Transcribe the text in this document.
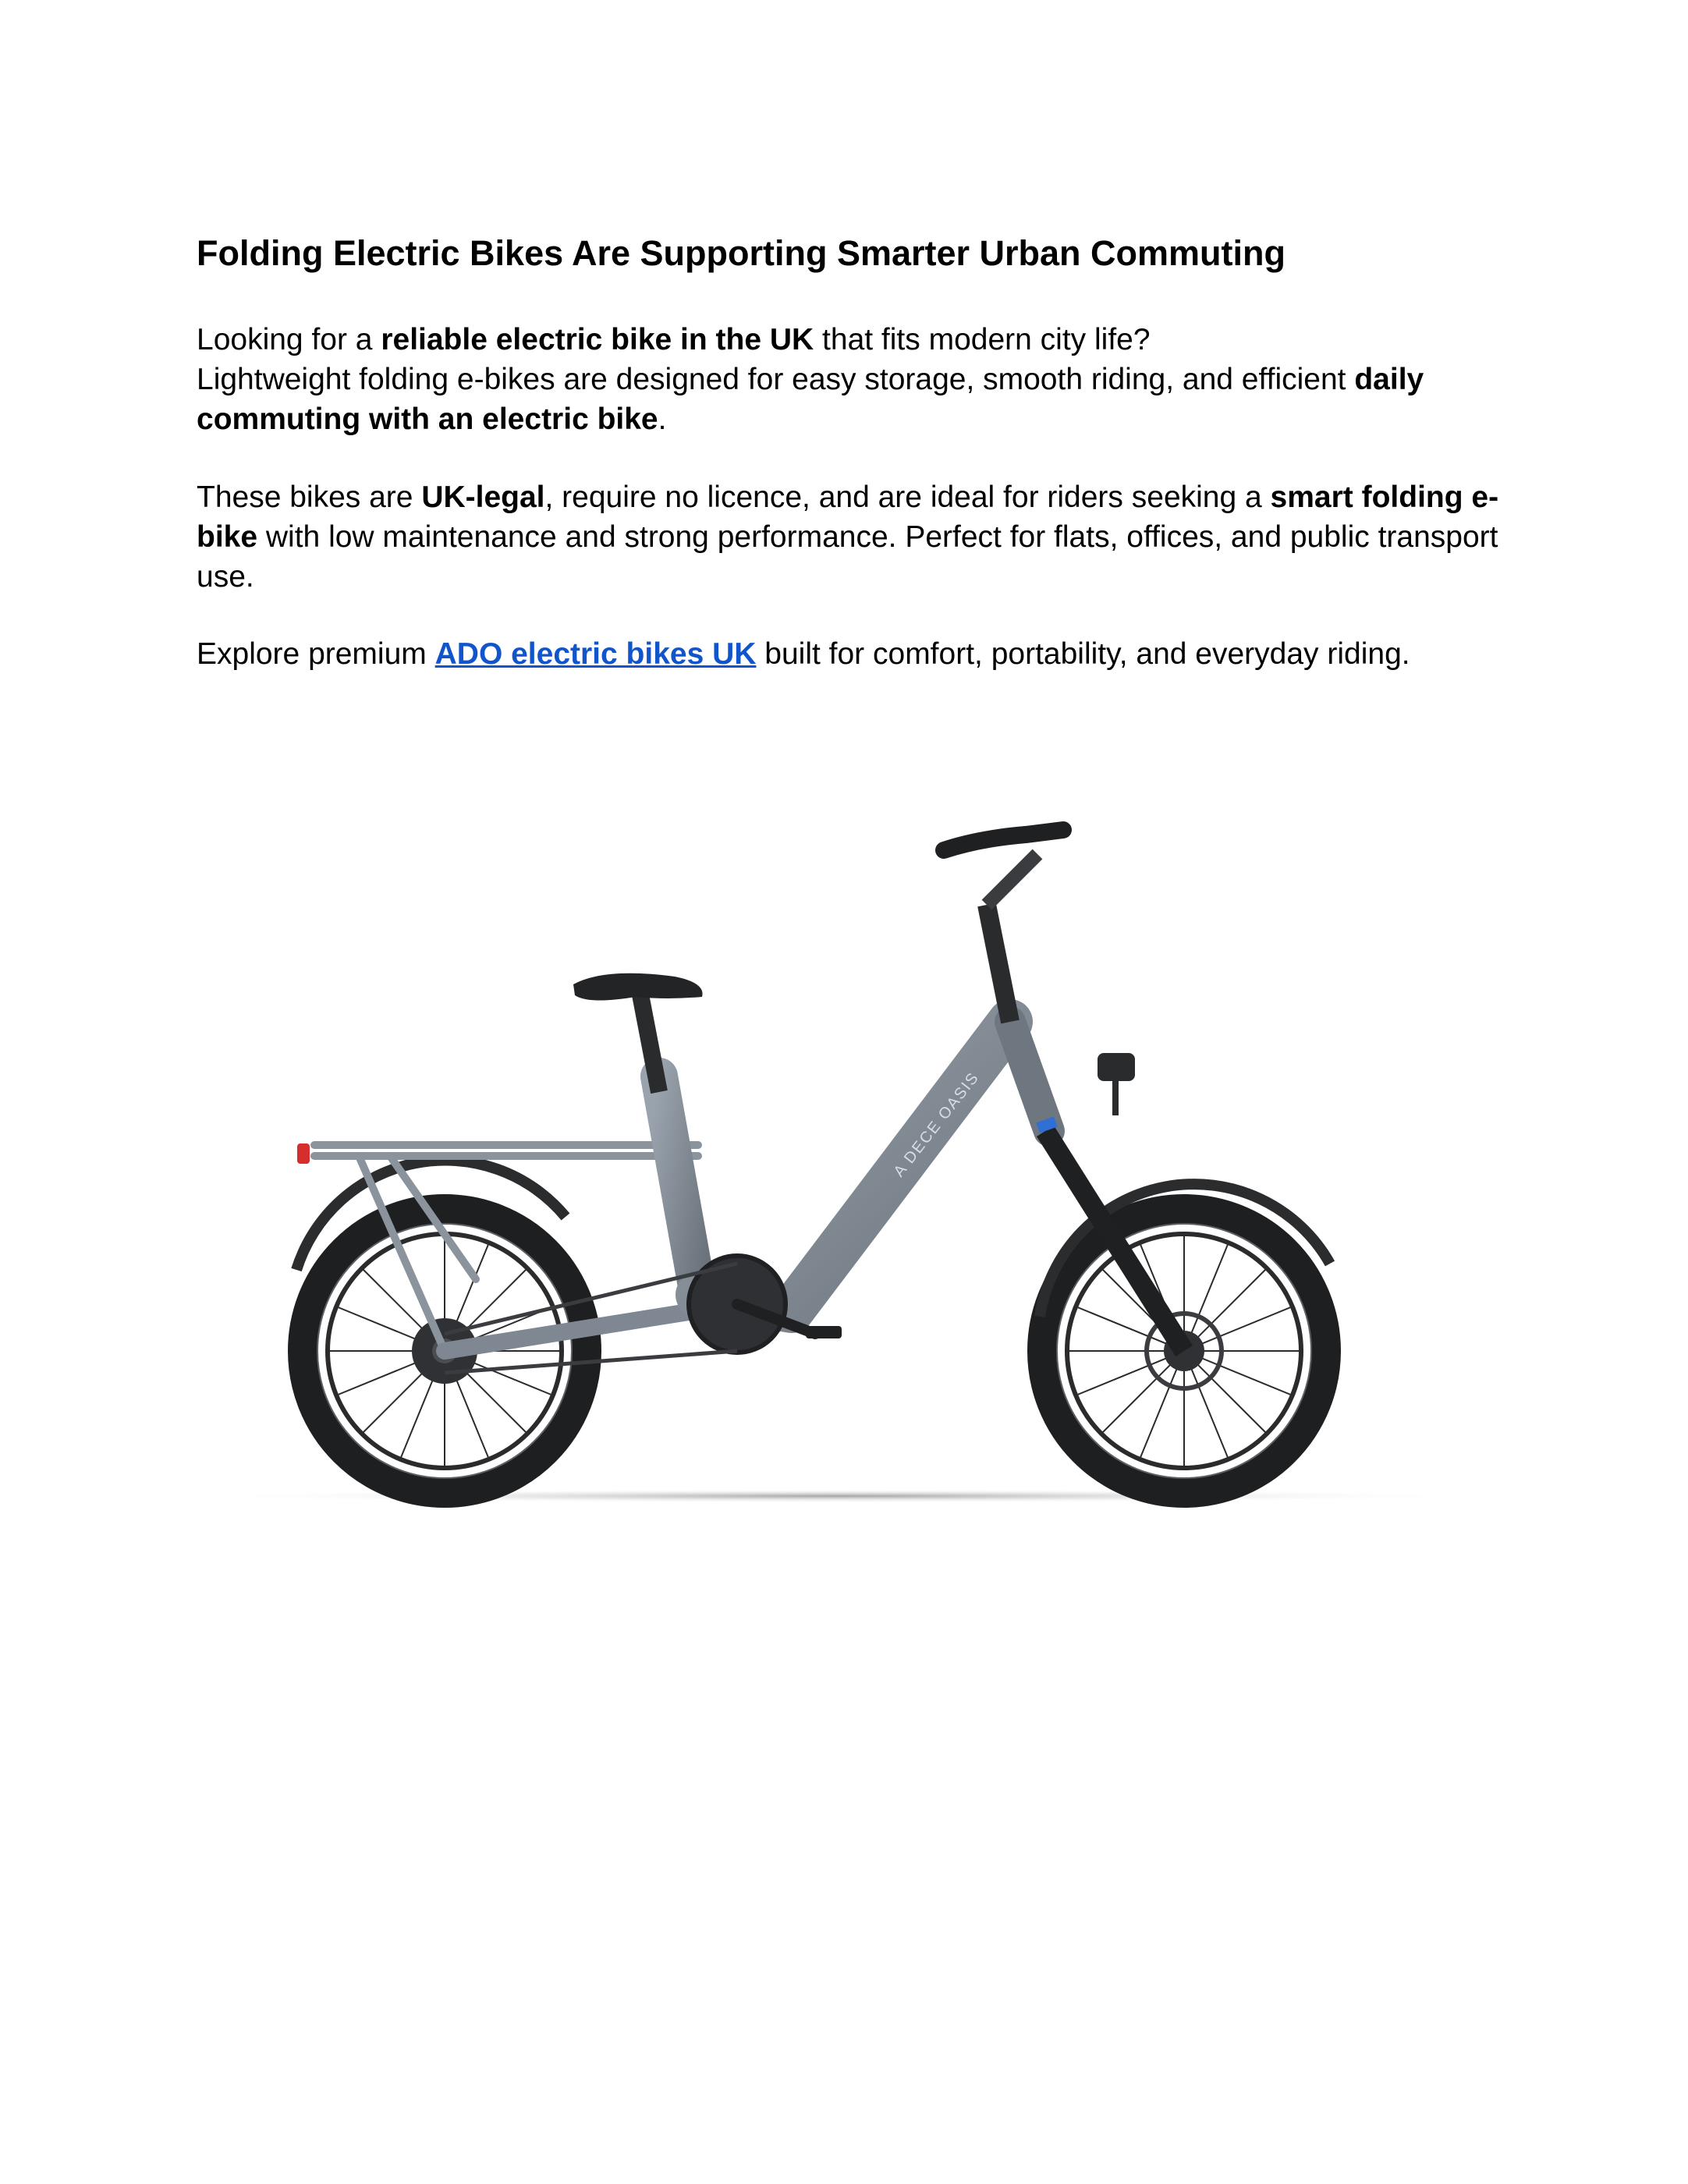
Folding Electric Bikes Are Supporting Smarter Urban Commuting

Looking for a reliable electric bike in the UK that fits modern city life?
Lightweight folding e-bikes are designed for easy storage, smooth riding, and efficient daily commuting with an electric bike.

These bikes are UK-legal, require no licence, and are ideal for riders seeking a smart folding e-bike with low maintenance and strong performance. Perfect for flats, offices, and public transport use.

Explore premium ADO electric bikes UK built for comfort, portability, and everyday riding.

A DECE OASIS
